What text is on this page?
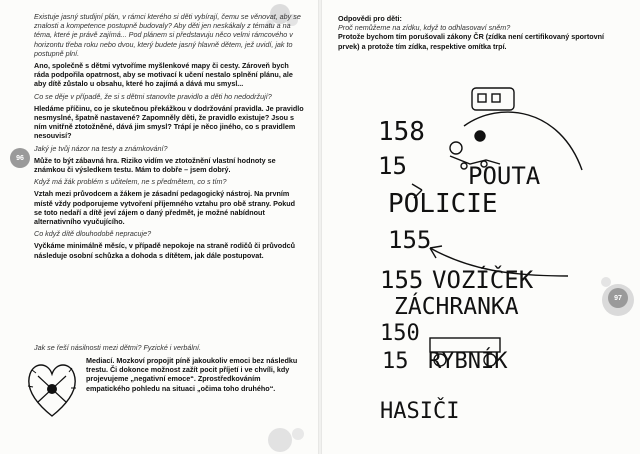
96
97

Existuje jasný studijní plán, v rámci kterého si děti vybírají, čemu se věnovat, aby se znalosti a kompetence postupně budovaly? Aby děti jen neskákaly z tématu a na téma, které je právě zajímá... Pod plánem si představuju něco velmi rámcového v horizontu třeba roku nebo dvou, který budete jasný hlavně dětem, jež uvidí, jak to postupně plní.

Ano, společně s dětmi vytvoříme myšlenkové mapy či cesty. Zároveň bych ráda podpořila opatrnost, aby se motivací k učení nestalo splnění plánu, ale aby dítě zůstalo u obsahu, které ho zajímá a dává mu smysl...

Co se děje v případě, že si s dětmi stanovíte pravidlo a děti ho nedodržují?

Hledáme příčinu, co je skutečnou překážkou v dodržování pravidla. Je pravidlo nesmyslné, špatně nastavené? Zapomněly děti, že pravidlo existuje? Jsou s ním vnitřně ztotožněné, dává jim smysl? Trápí je něco jiného, co s pravidlem nesouvisí?

Jaký je tvůj názor na testy a známkování?

Může to být zábavná hra. Riziko vidím ve ztotožnění vlastní hodnoty se známkou či výsledkem testu. Mám to dobře – jsem dobrý.

Když má žák problém s učitelem, ne s předmětem, co s tím?

Vztah mezi průvodcem a žákem je zásadní pedagogický nástroj. Na prvním místě vždy podporujeme vytvoření příjemného vztahu pro obě strany. Pokud se toto nedaří a dítě jeví zájem o daný předmět, je možné nabídnout alternativního vyučujícího.

Co když dítě dlouhodobě nepracuje?

Vyčkáme minimálně měsíc, v případě nepokoje na straně rodičů či průvodců následuje osobní schůzka a dohoda s dítětem, jak dále postupovat.

Jak se řeší násilnosti mezi dětmi? Fyzické i verbální.
Mediací. Mozkoví propojit píně jakoukoliv emoci bez následku trestu. Či dokonce možnost zažít pocit příjetí i ve chvíli, kdy projevujeme „negativní emoce“. Zprostředkováním empatického pohledu na situaci „očima toho druhého“.
Odpovědi pro děti:
Proč nemůžeme na zídku, když to odhlasovaví sněm?
Protože bychom tím porušovali zákony ČR (zídka není certifikovaný sportovní prvek) a protože tím zídka, respektive omítka trpí.
158
15	POUTA
POLICIE
155
155 VOZÍČEK
ZÁCHRANKA
150
15 RYBNÍK
HASIČI
